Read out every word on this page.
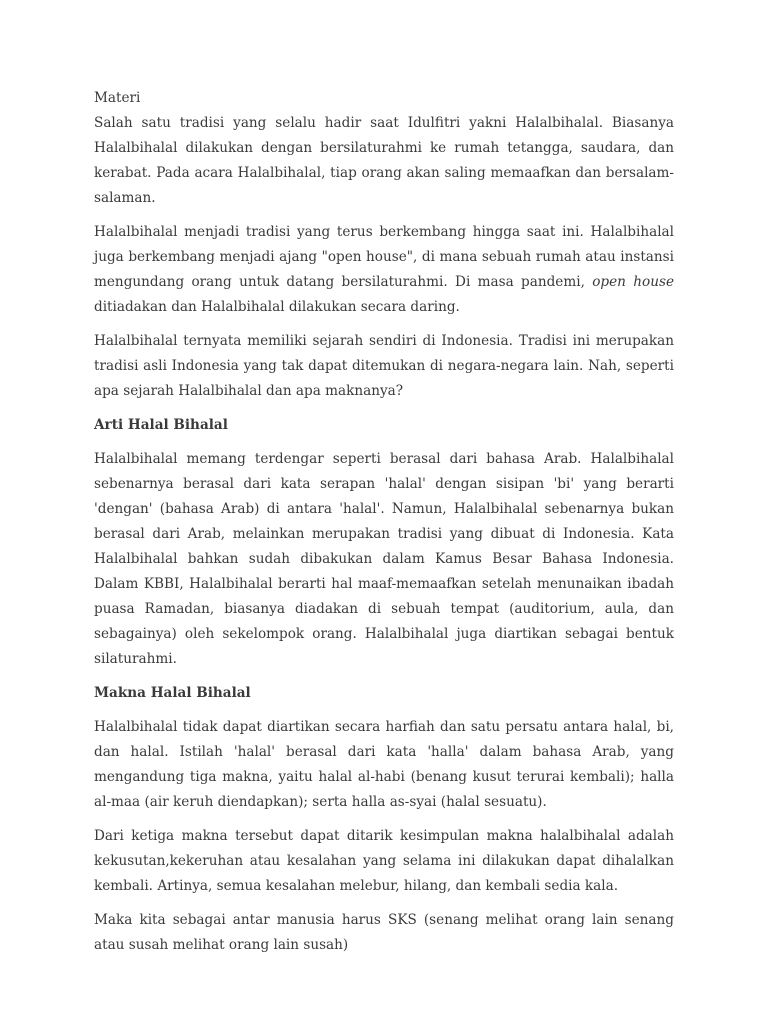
Materi

Salah satu tradisi yang selalu hadir saat Idulfitri yakni Halalbihalal. Biasanya Halalbihalal dilakukan dengan bersilaturahmi ke rumah tetangga, saudara, dan kerabat. Pada acara Halalbihalal, tiap orang akan saling memaafkan dan bersalam-salaman.

Halalbihalal menjadi tradisi yang terus berkembang hingga saat ini. Halalbihalal juga berkembang menjadi ajang "open house", di mana sebuah rumah atau instansi mengundang orang untuk datang bersilaturahmi. Di masa pandemi, open house ditiadakan dan Halalbihalal dilakukan secara daring.

Halalbihalal ternyata memiliki sejarah sendiri di Indonesia. Tradisi ini merupakan tradisi asli Indonesia yang tak dapat ditemukan di negara-negara lain. Nah, seperti apa sejarah Halalbihalal dan apa maknanya?

Arti Halal Bihalal

Halalbihalal memang terdengar seperti berasal dari bahasa Arab. Halalbihalal sebenarnya berasal dari kata serapan 'halal' dengan sisipan 'bi' yang berarti 'dengan' (bahasa Arab) di antara 'halal'. Namun, Halalbihalal sebenarnya bukan berasal dari Arab, melainkan merupakan tradisi yang dibuat di Indonesia. Kata Halalbihalal bahkan sudah dibakukan dalam Kamus Besar Bahasa Indonesia. Dalam KBBI, Halalbihalal berarti hal maaf-memaafkan setelah menunaikan ibadah puasa Ramadan, biasanya diadakan di sebuah tempat (auditorium, aula, dan sebagainya) oleh sekelompok orang. Halalbihalal juga diartikan sebagai bentuk silaturahmi.

Makna Halal Bihalal

Halalbihalal tidak dapat diartikan secara harfiah dan satu persatu antara halal, bi, dan halal. Istilah 'halal' berasal dari kata 'halla' dalam bahasa Arab, yang mengandung tiga makna, yaitu halal al-habi (benang kusut terurai kembali); halla al-maa (air keruh diendapkan); serta halla as-syai (halal sesuatu).

Dari ketiga makna tersebut dapat ditarik kesimpulan makna halalbihalal adalah kekusutan,kekeruhan atau kesalahan yang selama ini dilakukan dapat dihalalkan kembali. Artinya, semua kesalahan melebur, hilang, dan kembali sedia kala.

Maka kita sebagai antar manusia harus SKS (senang melihat orang lain senang atau susah melihat orang lain susah)
